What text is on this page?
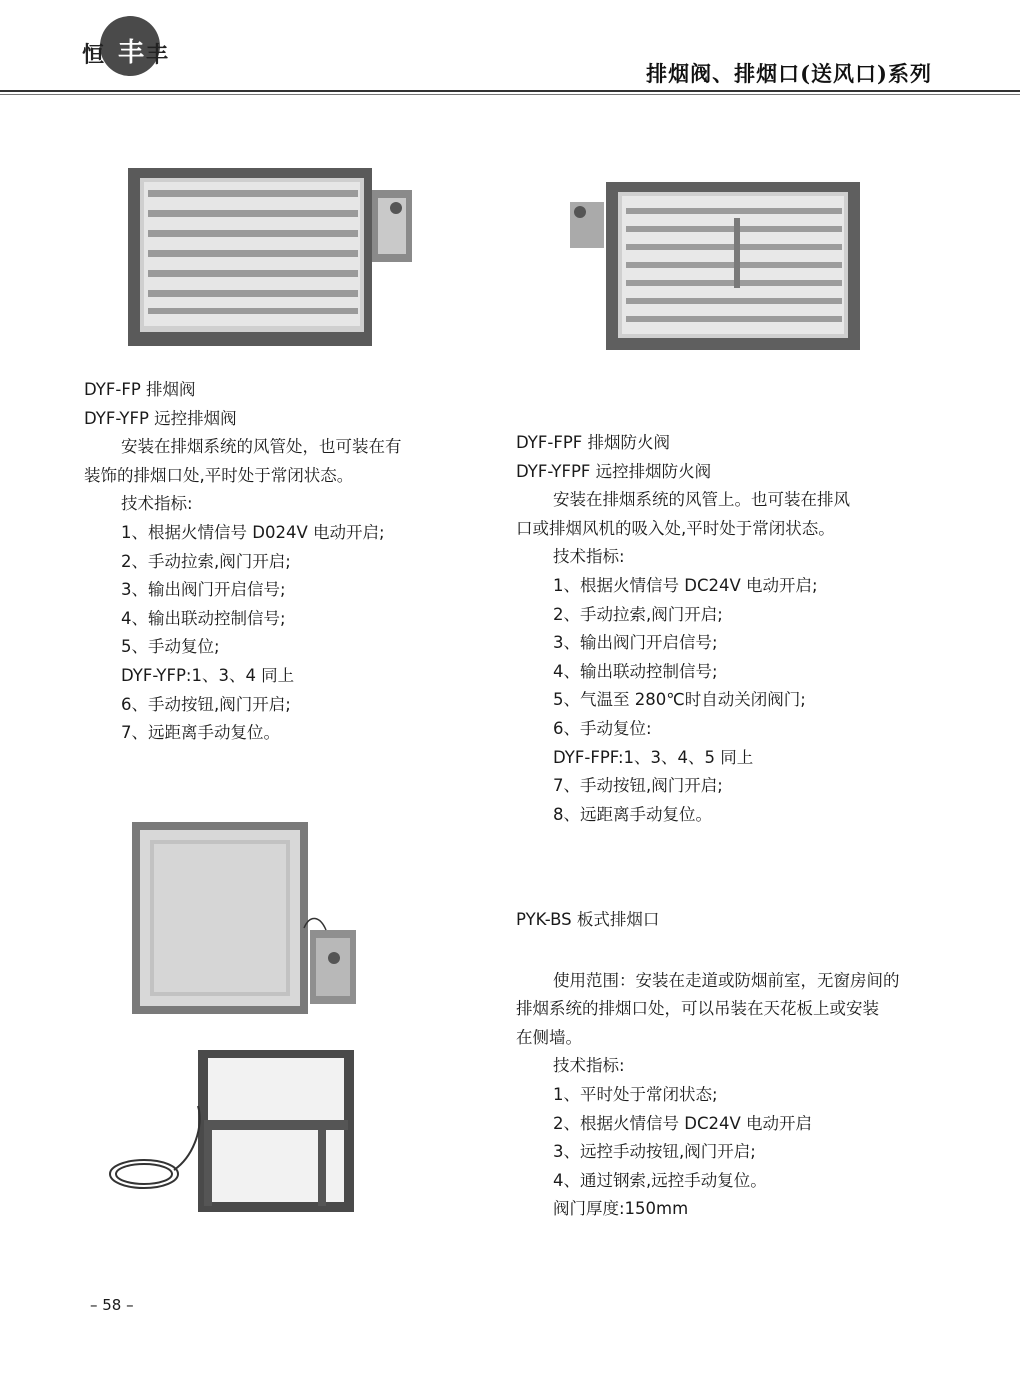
恒 丰 丰
排烟阀、排烟口(送风口)系列
DYF-FP 排烟阀
DYF-YFP 远控排烟阀
安装在排烟系统的风管处，也可装在有
装饰的排烟口处,平时处于常闭状态。
技术指标:
1、根据火情信号 D024V 电动开启;
2、手动拉索,阀门开启;
3、输出阀门开启信号;
4、输出联动控制信号;
5、手动复位;
DYF-YFP:1、3、4 同上
6、手动按钮,阀门开启;
7、远距离手动复位。
DYF-FPF 排烟防火阀
DYF-YFPF 远控排烟防火阀
安装在排烟系统的风管上。也可装在排风
口或排烟风机的吸入处,平时处于常闭状态。
技术指标:
1、根据火情信号 DC24V 电动开启;
2、手动拉索,阀门开启;
3、输出阀门开启信号;
4、输出联动控制信号;
5、气温至 280℃时自动关闭阀门;
6、手动复位:
DYF-FPF:1、3、4、5 同上
7、手动按钮,阀门开启;
8、远距离手动复位。
PYK-BS 板式排烟口
使用范围：安装在走道或防烟前室，无窗房间的
排烟系统的排烟口处，可以吊装在天花板上或安装
在侧墙。
技术指标:
1、平时处于常闭状态;
2、根据火情信号 DC24V 电动开启
3、远控手动按钮,阀门开启;
4、通过钢索,远控手动复位。
阀门厚度:150mm
– 58 –
